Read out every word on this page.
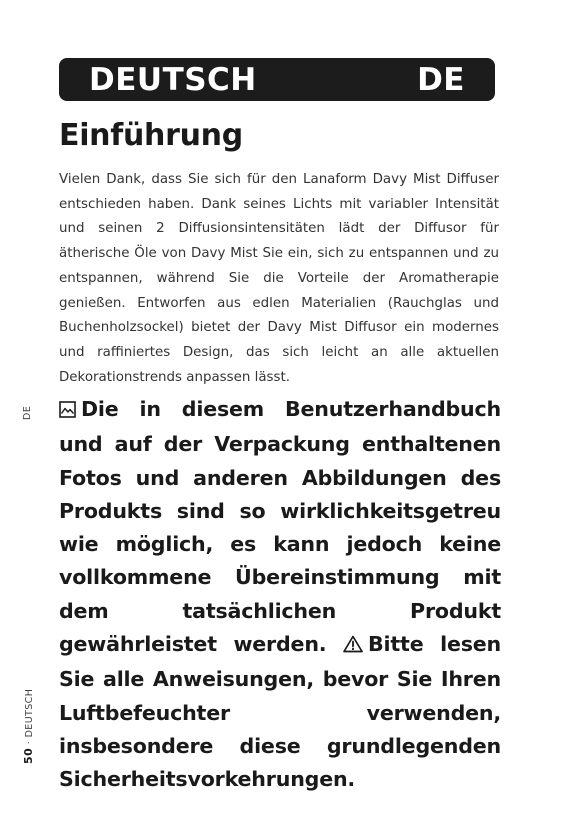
DEUTSCH	DE
Einführung

Vielen Dank, dass Sie sich für den Lanaform Davy Mist Diffuser entschieden haben. Dank seines Lichts mit variabler Intensität und seinen 2 Diffusionsintensitäten lädt der Diffusor für ätherische Öle von Davy Mist Sie ein, sich zu entspannen und zu entspannen, während Sie die Vorteile der Aromatherapie genießen. Entworfen aus edlen Materialien (Rauchglas und Buchenholzsockel) bietet der Davy Mist Diffusor ein modernes und raffiniertes Design, das sich leicht an alle aktuellen Dekorationstrends anpassen lässt.

Die in diesem Benutzerhandbuch und auf der Verpackung enthaltenen Fotos und anderen Abbildungen des Produkts sind so wirklichkeitsgetreu wie möglich, es kann jedoch keine vollkommene Übereinstimmung mit dem tatsächlichen Produkt gewährleistet werden. Bitte lesen Sie alle Anweisungen, bevor Sie Ihren Luftbefeuchter verwenden, insbesondere diese grundlegenden Sicherheitsvorkehrungen.

DE
50 · DEUTSCH
